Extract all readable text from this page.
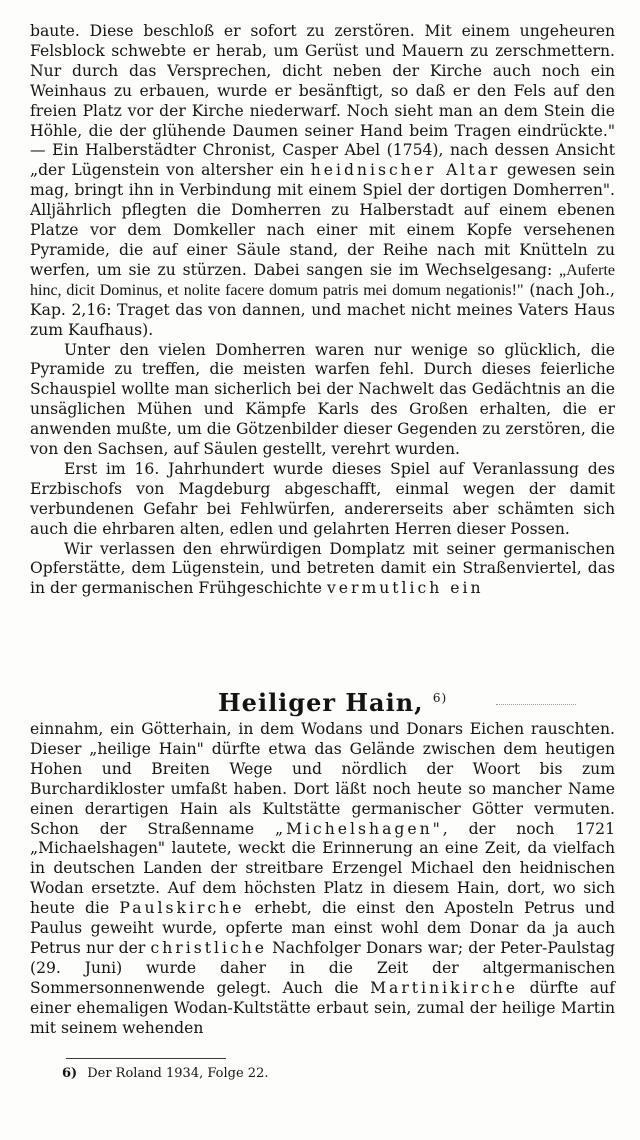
baute. Diese beschloß er sofort zu zerstören. Mit einem ungeheuren Felsblock schwebte er herab, um Gerüst und Mauern zu zerschmettern. Nur durch das Versprechen, dicht neben der Kirche auch noch ein Weinhaus zu erbauen, wurde er besänftigt, so daß er den Fels auf den freien Platz vor der Kirche niederwarf. Noch sieht man an dem Stein die Höhle, die der glühende Daumen seiner Hand beim Tragen eindrückte." — Ein Halberstädter Chronist, Casper Abel (1754), nach dessen Ansicht „der Lügenstein von altersher ein heidnischer Altar gewesen sein mag, bringt ihn in Verbindung mit einem Spiel der dortigen Domherren". Alljährlich pflegten die Domherren zu Halberstadt auf einem ebenen Platze vor dem Domkeller nach einer mit einem Kopfe versehenen Pyramide, die auf einer Säule stand, der Reihe nach mit Knütteln zu werfen, um sie zu stürzen. Dabei sangen sie im Wechselgesang: „Auferte hinc, dicit Dominus, et nolite facere domum patris mei domum negationis!" (nach Joh., Kap. 2,16: Traget das von dannen, und machet nicht meines Vaters Haus zum Kaufhaus).

Unter den vielen Domherren waren nur wenige so glücklich, die Pyramide zu treffen, die meisten warfen fehl. Durch dieses feierliche Schauspiel wollte man sicherlich bei der Nachwelt das Gedächtnis an die unsäglichen Mühen und Kämpfe Karls des Großen erhalten, die er anwenden mußte, um die Götzenbilder dieser Gegenden zu zerstören, die von den Sachsen, auf Säulen gestellt, verehrt wurden.

Erst im 16. Jahrhundert wurde dieses Spiel auf Veranlassung des Erzbischofs von Magdeburg abgeschafft, einmal wegen der damit verbundenen Gefahr bei Fehlwürfen, andererseits aber schämten sich auch die ehrbaren alten, edlen und gelahrten Herren dieser Possen.

Wir verlassen den ehrwürdigen Domplatz mit seiner germanischen Opferstätte, dem Lügenstein, und betreten damit ein Straßenviertel, das in der germanischen Frühgeschichte vermutlich ein

Heiliger Hain, $^{6)}$

einnahm, ein Götterhain, in dem Wodans und Donars Eichen rauschten. Dieser „heilige Hain" dürfte etwa das Gelände zwischen dem heutigen Hohen und Breiten Wege und nördlich der Woort bis zum Burchardikloster umfaßt haben. Dort läßt noch heute so mancher Name einen derartigen Hain als Kultstätte germanischer Götter vermuten. Schon der Straßenname „Michelshagen", der noch 1721 „Michaelshagen" lautete, weckt die Erinnerung an eine Zeit, da vielfach in deutschen Landen der streitbare Erzengel Michael den heidnischen Wodan ersetzte. Auf dem höchsten Platz in diesem Hain, dort, wo sich heute die Paulskirche erhebt, die einst den Aposteln Petrus und Paulus geweiht wurde, opferte man einst wohl dem Donar da ja auch Petrus nur der christliche Nachfolger Donars war; der Peter-Paulstag (29. Juni) wurde daher in die Zeit der altgermanischen Sommersonnenwende gelegt. Auch die Martinikirche dürfte auf einer ehemaligen Wodan-Kultstätte erbaut sein, zumal der heilige Martin mit seinem wehenden

6) Der Roland 1934, Folge 22.
